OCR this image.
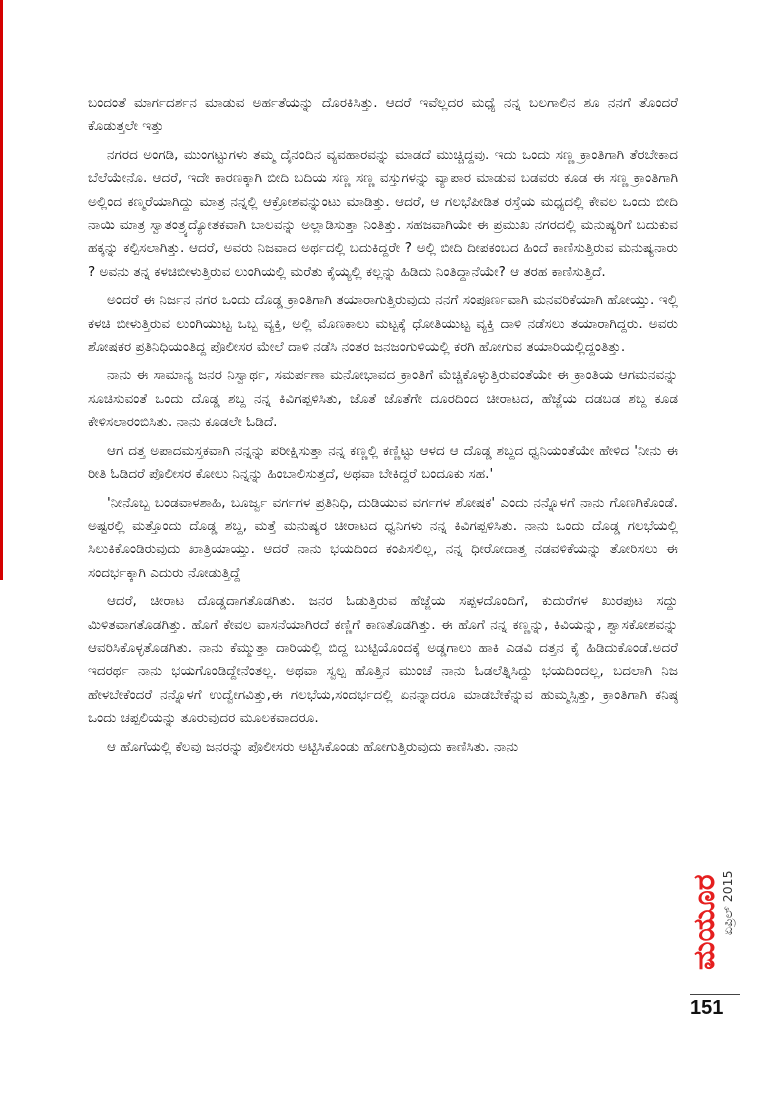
ಬಂದಂತೆ ಮಾರ್ಗದರ್ಶನ ಮಾಡುವ ಅರ್ಹತೆಯನ್ನು ದೊರಕಿಸಿತ್ತು. ಆದರೆ ಇವೆಲ್ಲದರ ಮಧ್ಯೆ ನನ್ನ ಬಲಗಾಲಿನ ಶೂ ನನಗೆ ತೊಂದರೆ ಕೊಡುತ್ತಲೇ ಇತ್ತು

ನಗರದ ಅಂಗಡಿ, ಮುಂಗಟ್ಟುಗಳು ತಮ್ಮ ದೈನಂದಿನ ವ್ಯವಹಾರವನ್ನು ಮಾಡದೆ ಮುಚ್ಚಿದ್ದವು. ಇದು ಒಂದು ಸಣ್ಣ ಕ್ರಾಂತಿಗಾಗಿ ತೆರಬೇಕಾದ ಬೆಲೆಯೇನೊ. ಆದರೆ, ಇದೇ ಕಾರಣಕ್ಕಾಗಿ ಬೀದಿ ಬದಿಯ ಸಣ್ಣ ಸಣ್ಣ ವಸ್ತುಗಳನ್ನು ವ್ಯಾಪಾರ ಮಾಡುವ ಬಡವರು ಕೂಡ ಈ ಸಣ್ಣ ಕ್ರಾಂತಿಗಾಗಿ ಅಲ್ಲಿಂದ ಕಣ್ಮರೆಯಾಗಿದ್ದು ಮಾತ್ರ ನನ್ನಲ್ಲಿ ಆಕ್ರೋಶವನ್ನುಂಟು ಮಾಡಿತ್ತು. ಆದರೆ, ಆ ಗಲಭೆಪೀಡಿತ ರಸ್ತೆಯ ಮಧ್ಯದಲ್ಲಿ ಕೇವಲ ಒಂದು ಬೀದಿ ನಾಯಿ ಮಾತ್ರ ಸ್ವಾತಂತ್ರ್ಯದ್ಯೋತಕವಾಗಿ ಬಾಲವನ್ನು ಅಲ್ಲಾಡಿಸುತ್ತಾ ನಿಂತಿತ್ತು. ಸಹಜವಾಗಿಯೇ ಈ ಪ್ರಮುಖ ನಗರದಲ್ಲಿ ಮನುಷ್ಯರಿಗೆ ಬದುಕುವ ಹಕ್ಕನ್ನು ಕಲ್ಪಿಸಲಾಗಿತ್ತು. ಆದರೆ, ಅವರು ನಿಜವಾದ ಅರ್ಥದಲ್ಲಿ ಬದುಕಿದ್ದರೇ ? ಅಲ್ಲಿ ಬೀದಿ ದೀಪಕಂಬದ ಹಿಂದೆ ಕಾಣಿಸುತ್ತಿರುವ ಮನುಷ್ಯನಾರು ? ಅವನು ತನ್ನ ಕಳಚಿಬೀಳುತ್ತಿರುವ ಲುಂಗಿಯಲ್ಲಿ ಮರೆತು ಕೈಯ್ಯಲ್ಲಿ ಕಲ್ಲನ್ನು ಹಿಡಿದು ನಿಂತಿದ್ದಾನೆಯೇ? ಆ ತರಹ ಕಾಣಿಸುತ್ತಿದೆ.

ಅಂದರೆ ಈ ನಿರ್ಜನ ನಗರ ಒಂದು ದೊಡ್ಡ ಕ್ರಾಂತಿಗಾಗಿ ತಯಾರಾಗುತ್ತಿರುವುದು ನನಗೆ ಸಂಪೂರ್ಣವಾಗಿ ಮನವರಿಕೆಯಾಗಿ ಹೋಯ್ತು. ಇಲ್ಲಿ ಕಳಚಿ ಬೀಳುತ್ತಿರುವ ಲುಂಗಿಯುಟ್ಟ ಒಬ್ಬ ವ್ಯಕ್ತಿ, ಅಲ್ಲಿ ಮೊಣಕಾಲು ಮಟ್ಟಕ್ಕೆ ಧೋತಿಯುಟ್ಟ ವ್ಯಕ್ತಿ ದಾಳಿ ನಡೆಸಲು ತಯಾರಾಗಿದ್ದರು. ಅವರು ಶೋಷಕರ ಪ್ರತಿನಿಧಿಯಂತಿದ್ದ ಪೊಲೀಸರ ಮೇಲೆ ದಾಳಿ ನಡೆಸಿ ನಂತರ ಜನಜಂಗುಳಿಯಲ್ಲಿ ಕರಗಿ ಹೋಗುವ ತಯಾರಿಯಲ್ಲಿದ್ದಂತಿತ್ತು.

ನಾನು ಈ ಸಾಮಾನ್ಯ ಜನರ ನಿಸ್ವಾರ್ಥ, ಸಮರ್ಪಣಾ ಮನೋಭಾವದ ಕ್ರಾಂತಿಗೆ ಮೆಚ್ಚಿಕೊಳ್ಳುತ್ತಿರುವಂತೆಯೇ ಈ ಕ್ರಾಂತಿಯ ಆಗಮನವನ್ನು ಸೂಚಿಸುವಂತೆ ಒಂದು ದೊಡ್ಡ ಶಬ್ದ ನನ್ನ ಕಿವಿಗಪ್ಪಳಿಸಿತು, ಜೊತೆ ಜೊತೆಗೇ ದೂರದಿಂದ ಚೀರಾಟದ, ಹೆಜ್ಜೆಯ ದಡಬಡ ಶಬ್ದ ಕೂಡ ಕೇಳಿಸಲಾರಂಬಿಸಿತು. ನಾನು ಕೂಡಲೇ ಓಡಿದೆ.

ಆಗ ದತ್ತ ಅಪಾದಮಸ್ತಕವಾಗಿ ನನ್ನನ್ನು ಪರೀಕ್ಷಿಸುತ್ತಾ ನನ್ನ ಕಣ್ಣಲ್ಲಿ ಕಣ್ಣಿಟ್ಟು ಆಳದ ಆ ದೊಡ್ಡ ಶಬ್ದದ ಧ್ವನಿಯಂತೆಯೇ ಹೇಳಿದ 'ನೀನು ಈ ರೀತಿ ಓಡಿದರೆ ಪೊಲೀಸರ ಕೋಲು ನಿನ್ನನ್ನು ಹಿಂಬಾಲಿಸುತ್ತದೆ, ಅಥವಾ ಬೇಕಿದ್ದರೆ ಬಂದೂಕು ಸಹ.'

'ನೀನೊಬ್ಬ ಬಂಡವಾಳಶಾಹಿ, ಬೂರ್ಜ್ವ ವರ್ಗಗಳ ಪ್ರತಿನಿಧಿ, ದುಡಿಯುವ ವರ್ಗಗಳ ಶೋಷಕ' ಎಂದು ನನ್ನೊಳಗೆ ನಾನು ಗೊಣಗಿಕೊಂಡೆ. ಅಷ್ಟರಲ್ಲಿ ಮತ್ತೊಂದು ದೊಡ್ಡ ಶಬ್ದ, ಮತ್ತೆ ಮನುಷ್ಯರ ಚೀರಾಟದ ಧ್ವನಿಗಳು ನನ್ನ ಕಿವಿಗಪ್ಪಳಿಸಿತು. ನಾನು ಒಂದು ದೊಡ್ಡ ಗಲಭೆಯಲ್ಲಿ ಸಿಲುಕಿಕೊಂಡಿರುವುದು ಖಾತ್ರಿಯಾಯ್ತು. ಆದರೆ ನಾನು ಭಯದಿಂದ ಕಂಪಿಸಲಿಲ್ಲ, ನನ್ನ ಧೀರೋದಾತ್ತ ನಡವಳಿಕೆಯನ್ನು ತೋರಿಸಲು ಈ ಸಂದರ್ಭಕ್ಕಾಗಿ ಎದುರು ನೋಡುತ್ತಿದ್ದೆ

ಆದರೆ, ಚೀರಾಟ ದೊಡ್ಡದಾಗತೊಡಗಿತು. ಜನರ ಓಡುತ್ತಿರುವ ಹೆಜ್ಜೆಯ ಸಪ್ಪಳದೊಂದಿಗೆ, ಕುದುರೆಗಳ ಖುರಪುಟ ಸದ್ದು ಮಿಳಿತವಾಗತೊಡಗಿತ್ತು. ಹೊಗೆ ಕೇವಲ ವಾಸನೆಯಾಗಿರದೆ ಕಣ್ಣಿಗೆ ಕಾಣತೊಡಗಿತ್ತು. ಈ ಹೊಗೆ ನನ್ನ ಕಣ್ಣನ್ನು, ಕಿವಿಯನ್ನು, ಶ್ವಾಸಕೋಶವನ್ನು ಆವರಿಸಿಕೊಳ್ಳತೊಡಗಿತು. ನಾನು ಕೆಮ್ಮುತ್ತಾ ದಾರಿಯಲ್ಲಿ ಬಿದ್ದ ಬುಟ್ಟಿಯೊಂದಕ್ಕೆ ಅಡ್ಡಗಾಲು ಹಾಕಿ ಎಡವಿ ದತ್ತನ ಕೈ ಹಿಡಿದುಕೊಂಡೆ.ಅದರೆ ಇದರರ್ಥ ನಾನು ಭಯಗೊಂಡಿದ್ದೇನೆಂತಲ್ಲ. ಅಥವಾ ಸ್ವಲ್ಪ ಹೊತ್ತಿನ ಮುಂಚೆ ನಾನು ಓಡಲೆತ್ನಿಸಿದ್ದು ಭಯದಿಂದಲ್ಲ, ಬದಲಾಗಿ ನಿಜ ಹೇಳಬೇಕೆಂದರೆ ನನ್ನೊಳಗೆ ಉದ್ವೇಗವಿತ್ತು,ಈ ಗಲಭೆಯ,ಸಂದರ್ಭದಲ್ಲಿ ಏನನ್ನಾದರೂ ಮಾಡಬೇಕೆನ್ನುವ ಹುಮ್ಮಸ್ಸಿತ್ತು, ಕ್ರಾಂತಿಗಾಗಿ ಕನಿಷ್ಠ ಒಂದು ಚಪ್ಪಲಿಯನ್ನು ತೂರುವುದರ ಮೂಲಕವಾದರೂ.

ಆ ಹೊಗೆಯಲ್ಲಿ ಕೆಲವು ಜನರನ್ನು ಪೊಲೀಸರು ಅಟ್ಟಿಸಿಕೊಂಡು ಹೋಗುತ್ತಿರುವುದು ಕಾಣಿಸಿತು. ನಾನು

ಮಯೂರ
ಏಪ್ರಿಲ್ 2015
151
